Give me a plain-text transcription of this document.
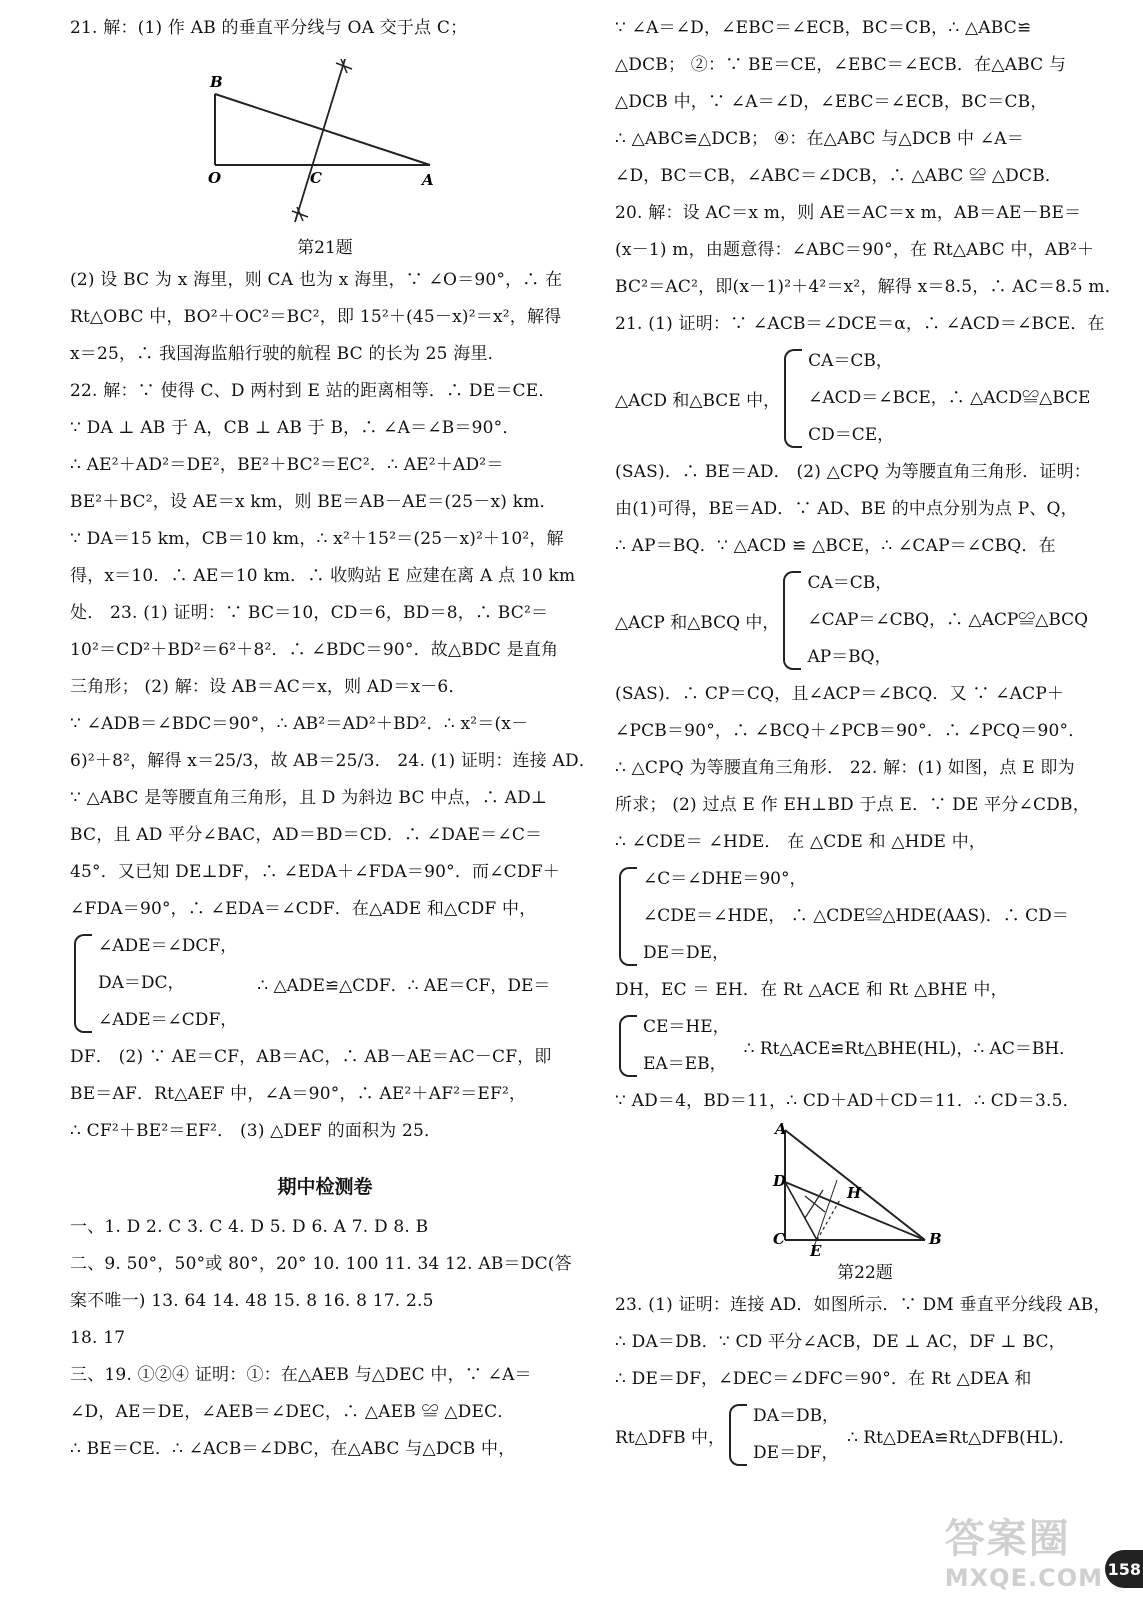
21. 解：(1) 作 AB 的垂直平分线与 OA 交于点 C；
B
O	C	A
第21题
(2) 设 BC 为 x 海里，则 CA 也为 x 海里，∵ ∠O＝90°，∴ 在
Rt△OBC 中，BO²＋OC²＝BC²，即 15²＋(45－x)²＝x²，解得
x＝25，∴ 我国海监船行驶的航程 BC 的长为 25 海里．
22. 解：∵ 使得 C、D 两村到 E 站的距离相等．∴ DE＝CE．
∵ DA ⊥ AB 于 A，CB ⊥ AB 于 B，∴ ∠A＝∠B＝90°．
∴ AE²＋AD²＝DE²，BE²＋BC²＝EC²．∴ AE²＋AD²＝
BE²＋BC²，设 AE＝x km，则 BE＝AB－AE＝(25－x) km．
∵ DA＝15 km，CB＝10 km，∴ x²＋15²＝(25－x)²＋10²，解
得，x＝10．∴ AE＝10 km．∴ 收购站 E 应建在离 A 点 10 km
处． 23. (1) 证明：∵ BC＝10，CD＝6，BD＝8，∴ BC²＝
10²＝CD²＋BD²＝6²＋8²．∴ ∠BDC＝90°．故△BDC 是直角
三角形； (2) 解：设 AB＝AC＝x，则 AD＝x－6．
∵ ∠ADB＝∠BDC＝90°，∴ AB²＝AD²＋BD²．∴ x²＝(x－
6)²＋8²，解得 x＝25/3，故 AB＝25/3． 24. (1) 证明：连接 AD．
∵ △ABC 是等腰直角三角形，且 D 为斜边 BC 中点，∴ AD⊥
BC，且 AD 平分∠BAC，AD＝BD＝CD．∴ ∠DAE＝∠C＝
45°．又已知 DE⊥DF，∴ ∠EDA＋∠FDA＝90°．而∠CDF＋
∠FDA＝90°，∴ ∠EDA＝∠CDF．在△ADE 和△CDF 中，
∠ADE＝∠DCF，
DA＝DC，
∠ADE＝∠CDF，
∴ △ADE≌△CDF．∴ AE＝CF，DE＝
DF． (2) ∵ AE＝CF，AB＝AC，∴ AB－AE＝AC－CF，即
BE＝AF．Rt△AEF 中，∠A＝90°，∴ AE²＋AF²＝EF²，
∴ CF²＋BE²＝EF²． (3) △DEF 的面积为 25．
期中检测卷
一、1. D 2. C 3. C 4. D 5. D 6. A 7. D 8. B
二、9. 50°，50°或 80°，20° 10. 100 11. 34 12. AB＝DC(答
案不唯一) 13. 64 14. 48 15. 8 16. 8 17. 2.5
18. 17
三、19. ①②④ 证明：①：在△AEB 与△DEC 中，∵ ∠A＝
∠D，AE＝DE，∠AEB＝∠DEC，∴ △AEB ≌ △DEC．
∴ BE＝CE．∴ ∠ACB＝∠DBC，在△ABC 与△DCB 中，
∵ ∠A＝∠D，∠EBC＝∠ECB，BC＝CB，∴ △ABC≌
△DCB； ②：∵ BE＝CE，∠EBC＝∠ECB．在△ABC 与
△DCB 中，∵ ∠A＝∠D，∠EBC＝∠ECB，BC＝CB，
∴ △ABC≌△DCB； ④：在△ABC 与△DCB 中 ∠A＝
∠D，BC＝CB，∠ABC＝∠DCB，∴ △ABC ≌ △DCB．
20. 解：设 AC＝x m，则 AE＝AC＝x m，AB＝AE－BE＝
(x－1) m，由题意得：∠ABC＝90°，在 Rt△ABC 中，AB²＋
BC²＝AC²，即(x－1)²＋4²＝x²，解得 x＝8.5，∴ AC＝8.5 m．
21. (1) 证明：∵ ∠ACB＝∠DCE＝α，∴ ∠ACD＝∠BCE．在
△ACD 和△BCE 中，
CA＝CB，
∠ACD＝∠BCE，∴ △ACD≌△BCE
CD＝CE，
(SAS)．∴ BE＝AD． (2) △CPQ 为等腰直角三角形．证明：
由(1)可得，BE＝AD．∵ AD、BE 的中点分别为点 P、Q，
∴ AP＝BQ．∵ △ACD ≌ △BCE，∴ ∠CAP＝∠CBQ．在
△ACP 和△BCQ 中，
CA＝CB，
∠CAP＝∠CBQ，∴ △ACP≌△BCQ
AP＝BQ，
(SAS)．∴ CP＝CQ，且∠ACP＝∠BCQ．又 ∵ ∠ACP＋
∠PCB＝90°，∴ ∠BCQ＋∠PCB＝90°．∴ ∠PCQ＝90°．
∴ △CPQ 为等腰直角三角形． 22. 解：(1) 如图，点 E 即为
所求； (2) 过点 E 作 EH⊥BD 于点 E．∵ DE 平分∠CDB，
∴ ∠CDE＝ ∠HDE． 在 △CDE 和 △HDE 中，
∠C＝∠DHE＝90°，
∠CDE＝∠HDE， ∴ △CDE≌△HDE(AAS)．∴ CD＝
DE＝DE，
DH，EC ＝ EH．在 Rt △ACE 和 Rt △BHE 中，
CE＝HE，
EA＝EB，
∴ Rt△ACE≌Rt△BHE(HL)，∴ AC＝BH．
∵ AD＝4，BD＝11，∴ CD＋AD＋CD＝11．∴ CD＝3.5．
A
D
H
C
E
B
第22题
23. (1) 证明：连接 AD．如图所示．∵ DM 垂直平分线段 AB，
∴ DA＝DB．∵ CD 平分∠ACB，DE ⊥ AC，DF ⊥ BC，
∴ DE＝DF，∠DEC＝∠DFC＝90°．在 Rt △DEA 和
Rt△DFB 中，
DA＝DB，
DE＝DF，
∴ Rt△DEA≌Rt△DFB(HL)．
答案圈
MXQE.COM 158
